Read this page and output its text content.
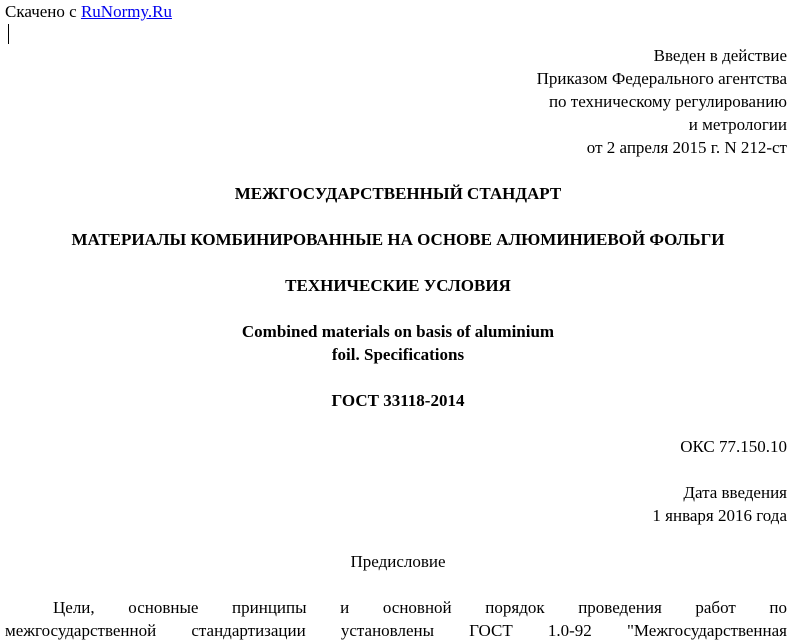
Скачено с RuNormy.Ru
Введен в действие
Приказом Федерального агентства
по техническому регулированию
и метрологии
от 2 апреля 2015 г. N 212-ст
МЕЖГОСУДАРСТВЕННЫЙ СТАНДАРТ
МАТЕРИАЛЫ КОМБИНИРОВАННЫЕ НА ОСНОВЕ АЛЮМИНИЕВОЙ ФОЛЬГИ
ТЕХНИЧЕСКИЕ УСЛОВИЯ
Combined materials on basis of aluminium
foil. Specifications
ГОСТ 33118-2014
ОКС 77.150.10
Дата введения
1 января 2016 года
Предисловие
Цели, основные принципы и основной порядок проведения работ по
межгосударственной стандартизации установлены ГОСТ 1.0-92 "Межгосударственная
